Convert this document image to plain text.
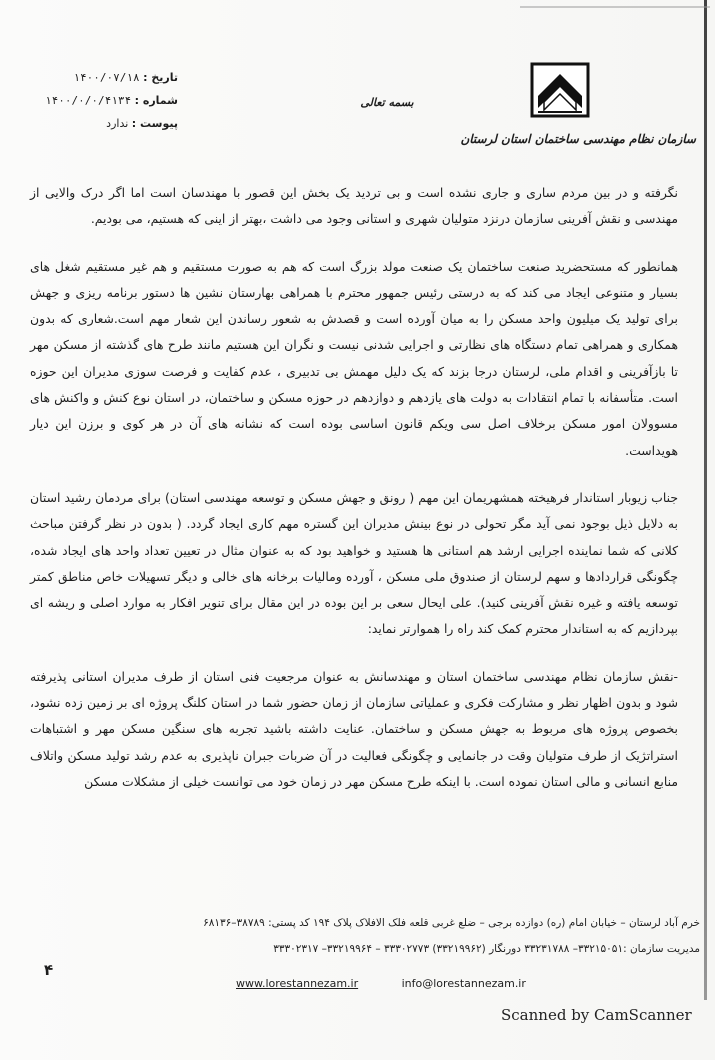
تاریخ : ۱۴۰۰/۰۷/۱۸
شماره : ۱۴۰۰/۰/۰/۴۱۳۴
پیوست : ندارد
بسمه تعالی
سازمان نظام مهندسی ساختمان استان لرستان

نگرفته و در بین مردم ساری و جاری نشده است و بی تردید یک بخش این قصور با مهندسان است اما اگر درک والایی از مهندسی و نقش آفرینی سازمان درنزد متولیان شهری و استانی وجود می داشت ،بهتر از اینی که هستیم، می بودیم.

همانطور که مستحضرید صنعت ساختمان یک صنعت مولد بزرگ است که هم به صورت مستقیم و هم غیر مستقیم شغل های بسیار و متنوعی ایجاد می کند که به درستی رئیس جمهور محترم با همراهی بهارستان نشین ها دستور برنامه ریزی و جهش برای تولید یک میلیون واحد مسکن را به میان آورده است و قصدش به شعور رساندن این شعار مهم است.شعاری که بدون همکاری و همراهی تمام دستگاه های نظارتی و اجرایی شدنی نیست و نگران این هستیم مانند طرح های گذشته از مسکن مهر تا بازآفرینی و اقدام ملی، لرستان درجا بزند که یک دلیل مهمش بی تدبیری ، عدم کفایت و فرصت سوزی مدیران این حوزه است. متأسفانه با تمام انتقادات به دولت های یازدهم و دوازدهم در حوزه مسکن و ساختمان، در استان نوع کنش و واکنش های مسوولان امور مسکن برخلاف اصل سی ویکم قانون اساسی بوده است که نشانه های آن در هر کوی و برزن این دیار هویداست.

جناب زیوبار استاندار فرهیخته همشهریمان این مهم ( رونق و جهش مسکن و توسعه مهندسی استان) برای مردمان رشید استان به دلایل ذیل بوجود نمی آید مگر تحولی در نوع بینش مدیران این گستره مهم کاری ایجاد گردد. ( بدون در نظر گرفتن مباحث کلانی که شما نماینده اجرایی ارشد هم استانی ها هستید و خواهید بود که به عنوان مثال در تعیین تعداد واحد های ایجاد شده، چگونگی قراردادها و سهم لرستان از صندوق ملی مسکن ، آورده ومالیات برخانه های خالی و دیگر تسهیلات خاص مناطق کمتر توسعه یافته و غیره نقش آفرینی کنید). علی ایحال سعی بر این بوده در این مقال برای تنویر افکار به موارد اصلی و ریشه ای بپردازیم که به استاندار محترم کمک کند راه را هموارتر نماید:

-نقش سازمان نظام مهندسی ساختمان استان و مهندسانش به عنوان مرجعیت فنی استان از طرف مدیران استانی پذیرفته شود و بدون اظهار نظر و مشارکت فکری و عملیاتی سازمان از زمان حضور شما در استان کلنگ پروژه ای بر زمین زده نشود، بخصوص پروژه های مربوط به جهش مسکن و ساختمان. عنایت داشته باشید تجربه های سنگین مسکن مهر و اشتباهات استراتژیک از طرف متولیان وقت در جانمایی و چگونگی فعالیت در آن ضربات جبران ناپذیری به عدم رشد تولید مسکن واتلاف منابع انسانی و مالی استان نموده است. با اینکه طرح مسکن مهر در زمان خود می توانست خیلی از مشکلات مسکن

خرم آباد لرستان – خیابان امام (ره) دوازده برجی – ضلع غربی قلعه فلک الافلاک پلاک ۱۹۴ کد پستی: ۳۸۷۸۹–۶۸۱۳۶
مدیریت سازمان :۳۳۲۱۵۰۵۱– ۳۳۲۳۱۷۸۸ دورنگار (۳۳۲۱۹۹۶۲) ۳۳۳۰۲۷۷۳ – ۳۳۲۱۹۹۶۴– ۳۳۳۰۲۳۱۷
۴
www.lorestannezam.ir	info@lorestannezam.ir
Scanned by CamScanner
